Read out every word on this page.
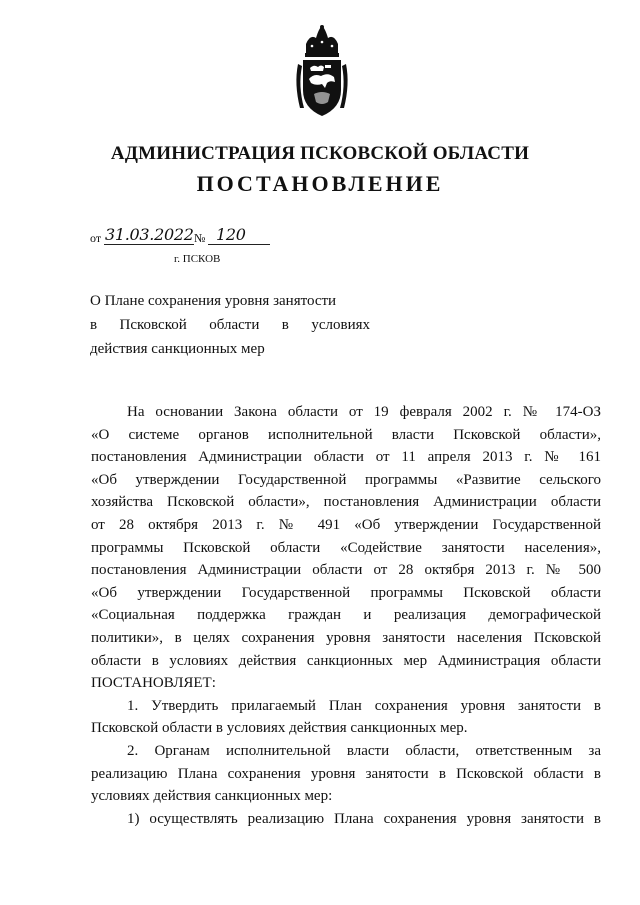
АДМИНИСТРАЦИЯ ПСКОВСКОЙ ОБЛАСТИ
ПОСТАНОВЛЕНИЕ
от 31.03.2022 № 120
г. ПСКОВ
О Плане сохранения уровня занятости
в Псковской области в условиях
действия санкционных мер
На основании Закона области от 19 февраля 2002 г. № 174-ОЗ
«О системе органов исполнительной власти Псковской области»,
постановления Администрации области от 11 апреля 2013 г. № 161
«Об утверждении Государственной программы «Развитие сельского
хозяйства Псковской области», постановления Администрации области
от 28 октября 2013 г. № 491 «Об утверждении Государственной
программы Псковской области «Содействие занятости населения»,
постановления Администрации области от 28 октября 2013 г. № 500
«Об утверждении Государственной программы Псковской области
«Социальная поддержка граждан и реализация демографической
политики», в целях сохранения уровня занятости населения Псковской
области в условиях действия санкционных мер Администрация области
ПОСТАНОВЛЯЕТ:
1. Утвердить прилагаемый План сохранения уровня занятости в
Псковской области в условиях действия санкционных мер.
2. Органам исполнительной власти области, ответственным за
реализацию Плана сохранения уровня занятости в Псковской области в
условиях действия санкционных мер:
1) осуществлять реализацию Плана сохранения уровня занятости в
